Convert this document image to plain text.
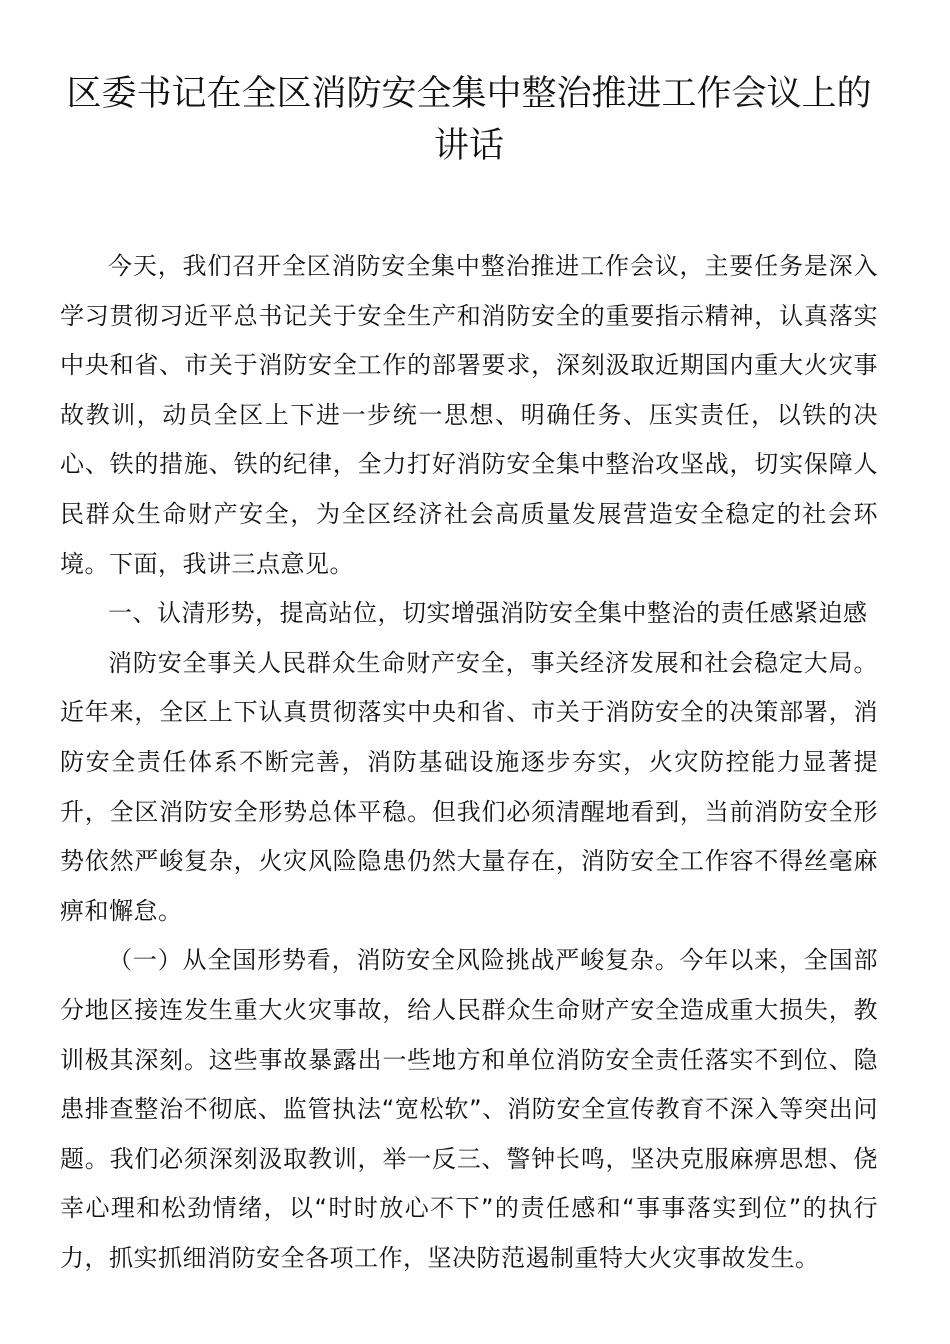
区委书记在全区消防安全集中整治推进工作会议上的讲话

今天，我们召开全区消防安全集中整治推进工作会议，主要任务是深入学习贯彻习近平总书记关于安全生产和消防安全的重要指示精神，认真落实中央和省、市关于消防安全工作的部署要求，深刻汲取近期国内重大火灾事故教训，动员全区上下进一步统一思想、明确任务、压实责任，以铁的决心、铁的措施、铁的纪律，全力打好消防安全集中整治攻坚战，切实保障人民群众生命财产安全，为全区经济社会高质量发展营造安全稳定的社会环境。下面，我讲三点意见。

一、认清形势，提高站位，切实增强消防安全集中整治的责任感紧迫感

消防安全事关人民群众生命财产安全，事关经济发展和社会稳定大局。近年来，全区上下认真贯彻落实中央和省、市关于消防安全的决策部署，消防安全责任体系不断完善，消防基础设施逐步夯实，火灾防控能力显著提升，全区消防安全形势总体平稳。但我们必须清醒地看到，当前消防安全形势依然严峻复杂，火灾风险隐患仍然大量存在，消防安全工作容不得丝毫麻痹和懈怠。

（一）从全国形势看，消防安全风险挑战严峻复杂。今年以来，全国部分地区接连发生重大火灾事故，给人民群众生命财产安全造成重大损失，教训极其深刻。这些事故暴露出一些地方和单位消防安全责任落实不到位、隐患排查整治不彻底、监管执法“宽松软”、消防安全宣传教育不深入等突出问题。我们必须深刻汲取教训，举一反三、警钟长鸣，坚决克服麻痹思想、侥幸心理和松劲情绪，以“时时放心不下”的责任感和“事事落实到位”的执行力，抓实抓细消防安全各项工作，坚决防范遏制重特大火灾事故发生。
